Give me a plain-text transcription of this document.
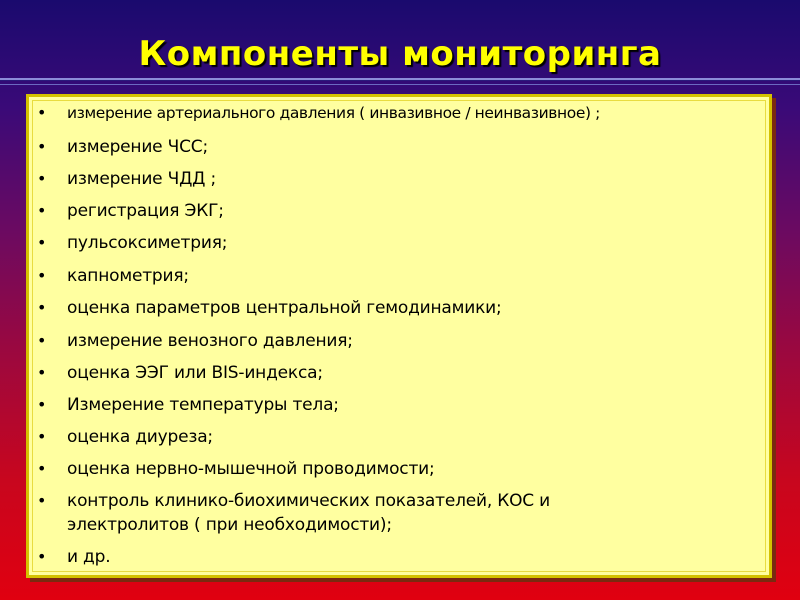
Компоненты мониторинга
• измерение артериального давления ( инвазивное / неинвазивное) ;
• измерение ЧСС;
• измерение ЧДД ;
• регистрация ЭКГ;
• пульсоксиметрия;
• капнометрия;
• оценка параметров центральной гемодинамики;
• измерение венозного давления;
• оценка ЭЭГ или BIS-индекса;
• Измерение температуры тела;
• оценка диуреза;
• оценка нервно-мышечной проводимости;
• контроль клинико-биохимических показателей, КОС и электролитов ( при необходимости);
• и др.
